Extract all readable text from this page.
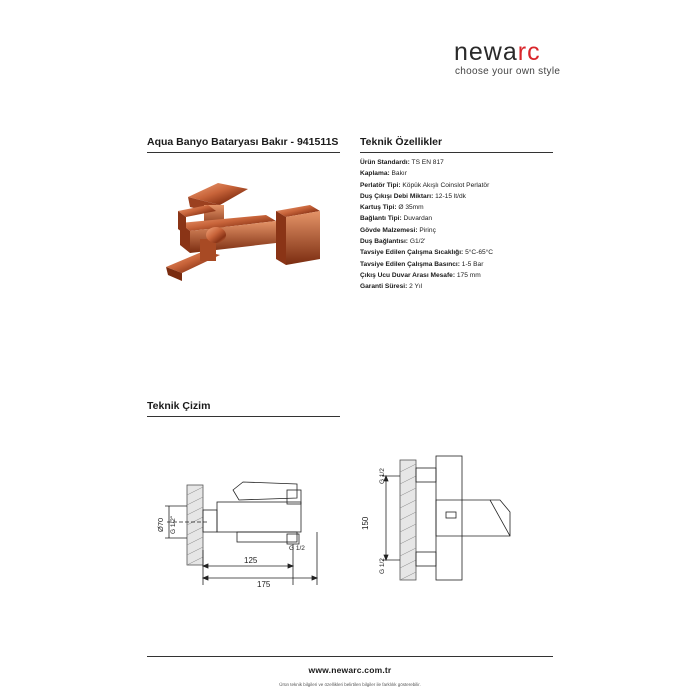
newarc
choose your own style
Aqua Banyo Bataryası Bakır - 941511S Teknik Özellikler
Ürün Standardı: TS EN 817
Kaplama: Bakır
Perlatör Tipi: Köpük Akışlı Coinslot Perlatör
Duş Çıkışı Debi Miktarı: 12-15 lt/dk
Kartuş Tipi: Ø 35mm
Bağlantı Tipi: Duvardan
Gövde Malzemesi: Pirinç
Duş Bağlantısı: G1/2'
Tavsiye Edilen Çalışma Sıcaklığı: 5°C-65°C
Tavsiye Edilen Çalışma Basıncı: 1-5 Bar
Çıkış Ucu Duvar Arası Mesafe: 175 mm
Garanti Süresi: 2 Yıl
Teknik Çizim
125
175
Ø70 G 1/2"
G 1/2
150
G 1/2
G 1/2
www.newarc.com.tr
Ürün teknik bilgileri ve özellikleri belirtilen bilgiler ile farklılık gösterebilir.
